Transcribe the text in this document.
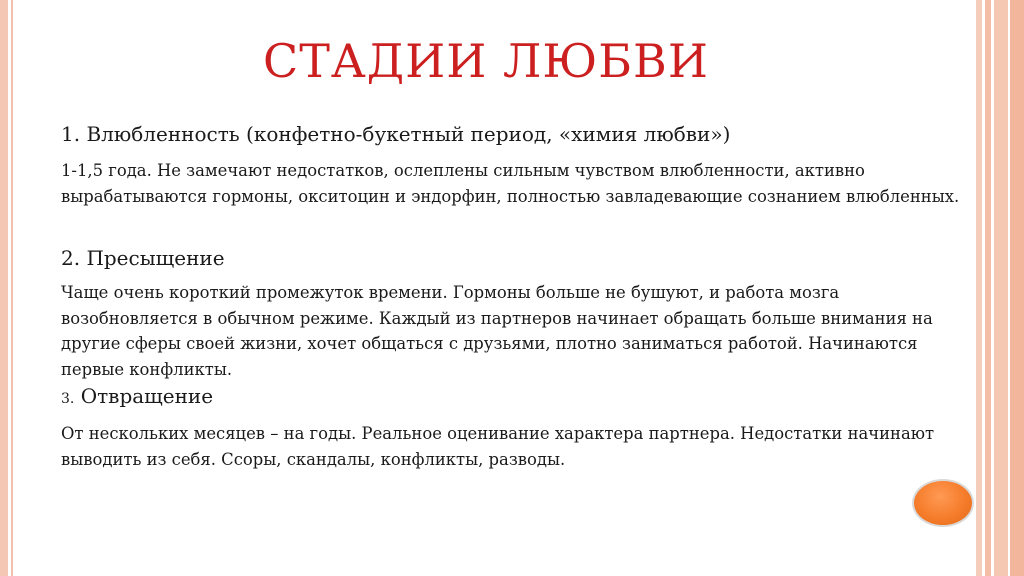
СТАДИИ ЛЮБВИ
1. Влюбленность (конфетно-букетный период, «химия любви»)
1-1,5 года. Не замечают недостатков, ослеплены сильным чувством влюбленности, активно вырабатываются гормоны, окситоцин и эндорфин, полностью завладевающие сознанием влюбленных.
2. Пресыщение
Чаще очень короткий промежуток времени. Гормоны больше не бушуют, и работа мозга возобновляется в обычном режиме. Каждый из партнеров начинает обращать больше внимания на другие сферы своей жизни, хочет общаться с друзьями, плотно заниматься работой. Начинаются первые конфликты.
3. Отвращение
От нескольких месяцев – на годы. Реальное оценивание характера партнера. Недостатки начинают выводить из себя. Ссоры, скандалы, конфликты, разводы.
